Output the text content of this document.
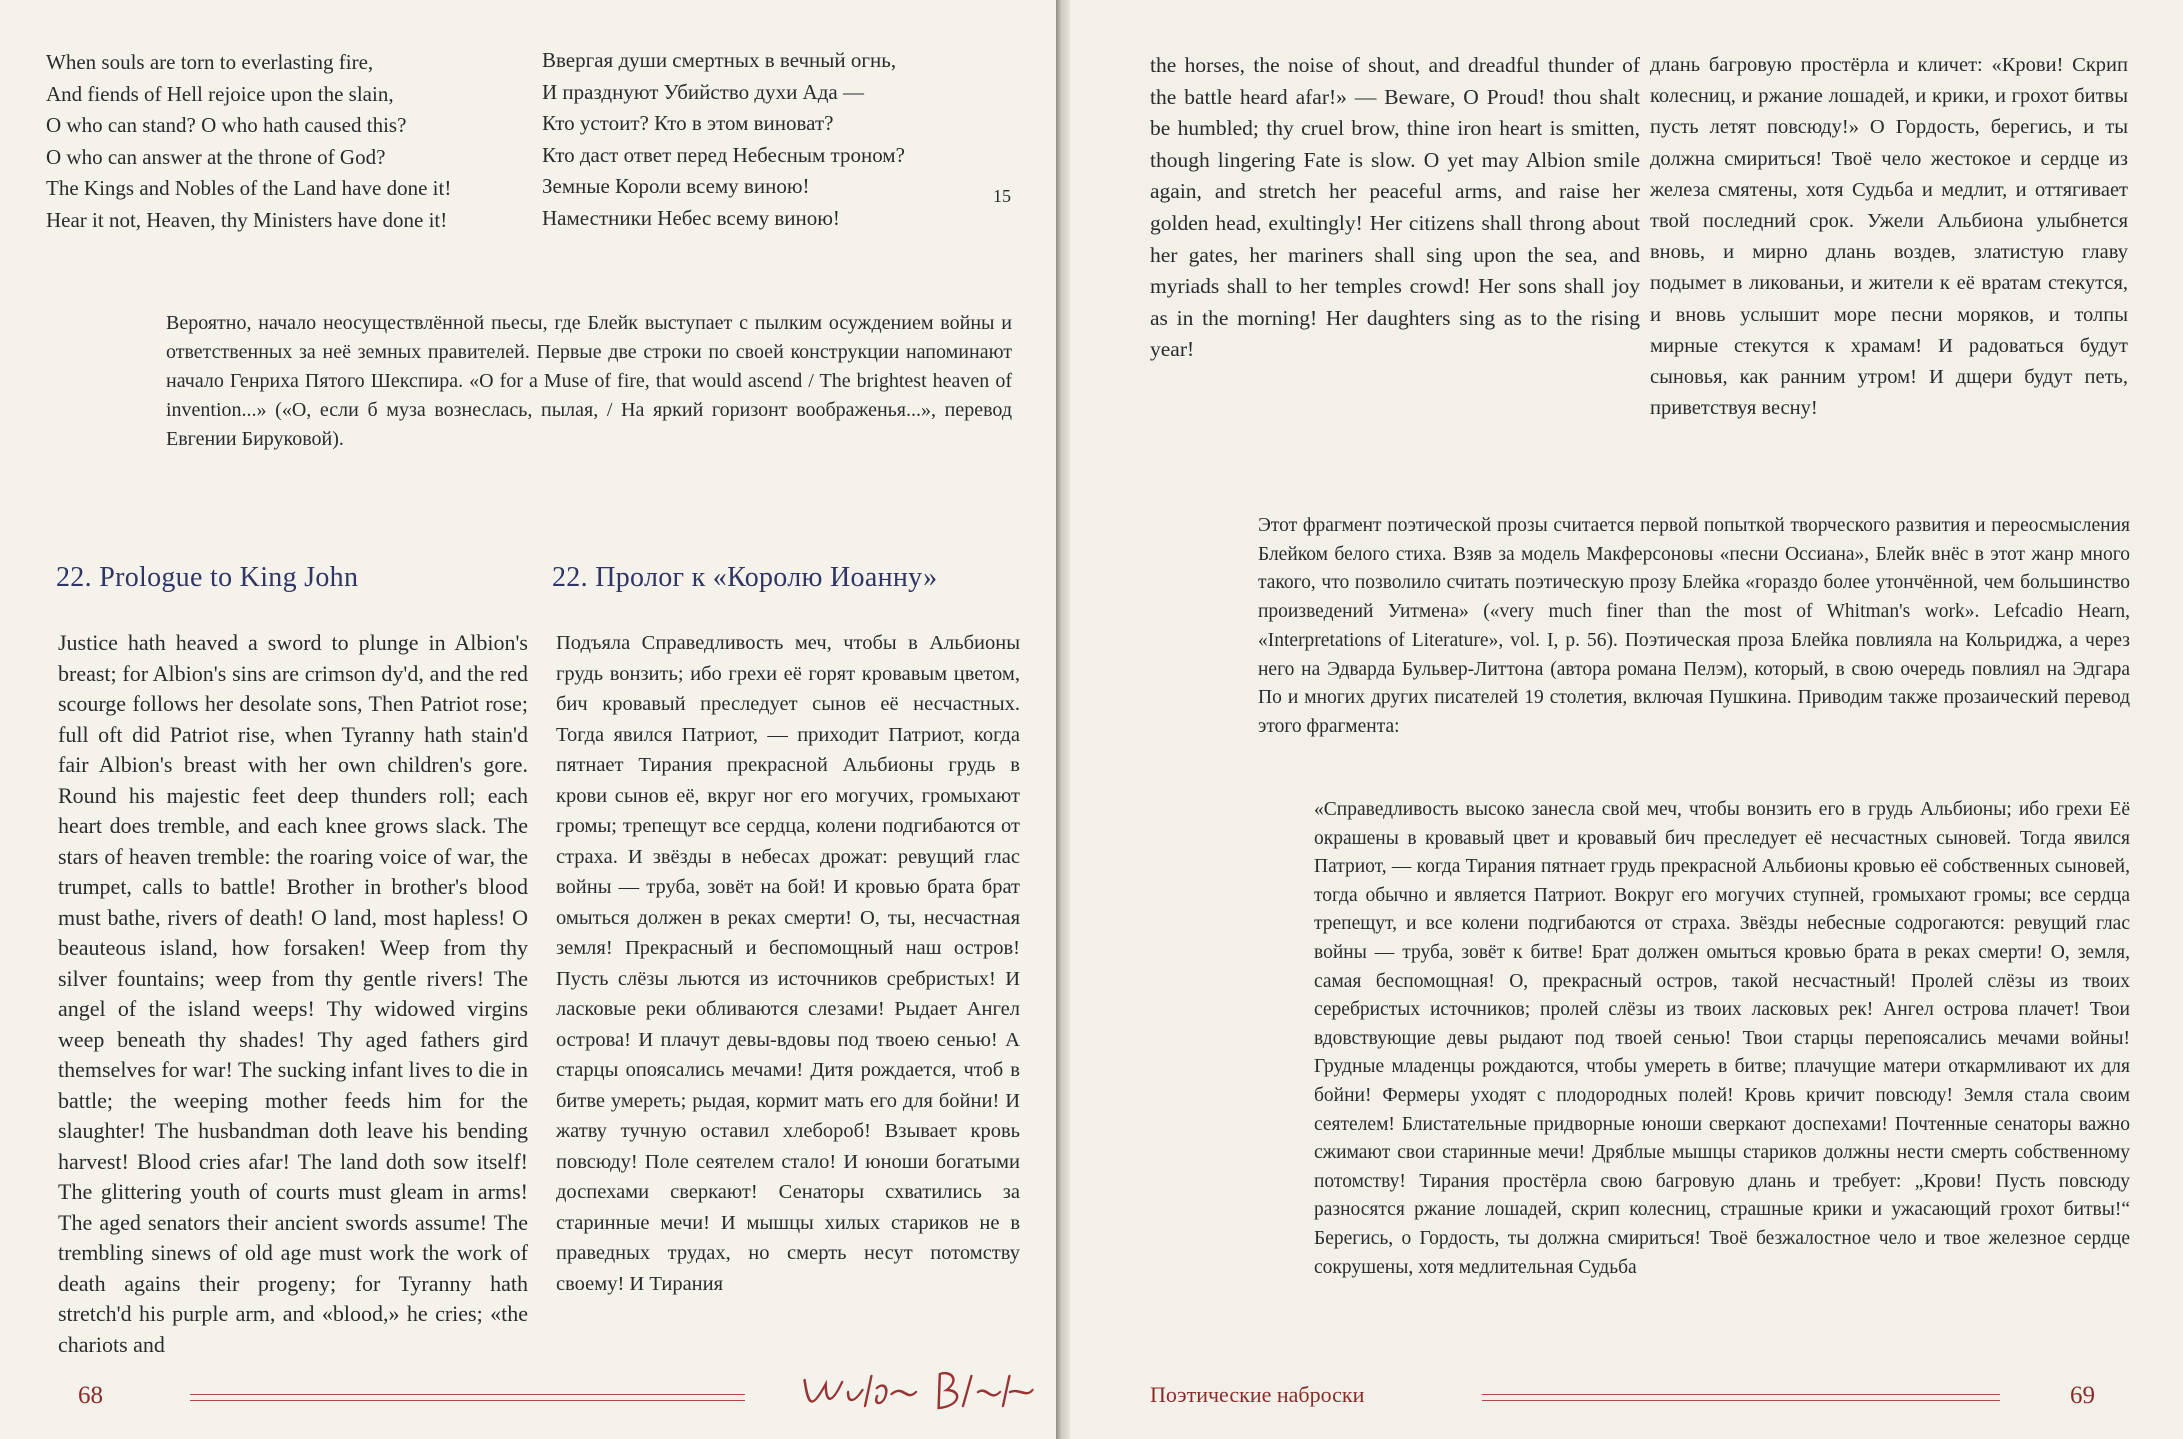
When souls are torn to everlasting fire,
And fiends of Hell rejoice upon the slain,
O who can stand? O who hath caused this?
O who can answer at the throne of God?
The Kings and Nobles of the Land have done it!
Hear it not, Heaven, thy Ministers have done it!
Ввергая души смертных в вечный огнь,
И празднуют Убийство духи Ада —
Кто устоит? Кто в этом виноват?
Кто даст ответ перед Небесным троном?
Земные Короли всему виною!
Наместники Небес всему виною!
15
Вероятно, начало неосуществлённой пьесы, где Блейк выступает с пылким осуждением войны и ответственных за неё земных правителей. Первые две строки по своей конструкции напоминают начало Генриха Пятого Шекспира. «O for a Muse of fire, that would ascend / The brightest heaven of invention...» («О, если б муза вознеслась, пылая, / На яркий горизонт воображенья...», перевод Евгении Бируковой).
22. Prologue to King John	22. Пролог к «Королю Иоанну»
Justice hath heaved a sword to plunge in Albion's breast; for Albion's sins are crimson dy'd, and the red scourge follows her desolate sons, Then Patriot rose; full oft did Patriot rise, when Tyranny hath stain'd fair Albion's breast with her own children's gore. Round his majestic feet deep thunders roll; each heart does tremble, and each knee grows slack. The stars of heaven tremble: the roaring voice of war, the trumpet, calls to battle! Brother in brother's blood must bathe, rivers of death! O land, most hapless! O beauteous island, how forsaken! Weep from thy silver fountains; weep from thy gentle rivers! The angel of the island weeps! Thy widowed virgins weep beneath thy shades! Thy aged fathers gird themselves for war! The sucking infant lives to die in battle; the weeping mother feeds him for the slaughter! The husbandman doth leave his bending harvest! Blood cries afar! The land doth sow itself! The glittering youth of courts must gleam in arms! The aged senators their ancient swords assume! The trembling sinews of old age must work the work of death agains their progeny; for Tyranny hath stretch'd his purple arm, and «blood,» he cries; «the chariots and
Подъяла Справедливость меч, чтобы в Альбионы грудь вонзить; ибо грехи её горят кровавым цветом, бич кровавый преследует сынов её несчастных. Тогда явился Патриот, — приходит Патриот, когда пятнает Тирания прекрасной Альбионы грудь в крови сынов её, вкруг ног его могучих, громыхают громы; трепещут все сердца, колени подгибаются от страха. И звёзды в небесах дрожат: ревущий глас войны — труба, зовёт на бой! И кровью брата брат омыться должен в реках смерти! О, ты, несчастная земля! Прекрасный и беспомощный наш остров! Пусть слёзы льются из источников сребристых! И ласковые реки обливаются слезами! Рыдает Ангел острова! И плачут девы-вдовы под твоею сенью! А старцы опоясались мечами! Дитя рождается, чтоб в битве умереть; рыдая, кормит мать его для бойни! И жатву тучную оставил хлебороб! Взывает кровь повсюду! Поле сеятелем стало! И юноши богатыми доспехами сверкают! Сенаторы схватились за старинные мечи! И мышцы хилых стариков не в праведных трудах, но смерть несут потомству своему! И Тирания
68
the horses, the noise of shout, and dreadful thunder of the battle heard afar!» — Beware, O Proud! thou shalt be humbled; thy cruel brow, thine iron heart is smitten, though lingering Fate is slow. O yet may Albion smile again, and stretch her peaceful arms, and raise her golden head, exultingly! Her citizens shall throng about her gates, her mariners shall sing upon the sea, and myriads shall to her temples crowd! Her sons shall joy as in the morning! Her daughters sing as to the rising year!
длань багровую простёрла и кличет: «Крови! Скрип колесниц, и ржание лошадей, и крики, и грохот битвы пусть летят повсюду!» О Гордость, берегись, и ты должна смириться! Твоё чело жестокое и сердце из железа смятены, хотя Судьба и медлит, и оттягивает твой последний срок. Ужели Альбиона улыбнется вновь, и мирно длань воздев, златистую главу подымет в ликованьи, и жители к её вратам стекутся, и вновь услышит море песни моряков, и толпы мирные стекутся к храмам! И радоваться будут сыновья, как ранним утром! И дщери будут петь, приветствуя весну!
Этот фрагмент поэтической прозы считается первой попыткой творческого развития и переосмысления Блейком белого стиха. Взяв за модель Макферсоновы «песни Оссиана», Блейк внёс в этот жанр много такого, что позволило считать поэтическую прозу Блейка «гораздо более утончённой, чем большинство произведений Уитмена» («very much finer than the most of Whitman's work». Lefcadio Hearn, «Interpretations of Literature», vol. I, p. 56). Поэтическая проза Блейка повлияла на Кольриджа, а через него на Эдварда Бульвер-Литтона (автора романа Пелэм), который, в свою очередь повлиял на Эдгара По и многих других писателей 19 столетия, включая Пушкина. Приводим также прозаический перевод этого фрагмента:
«Справедливость высоко занесла свой меч, чтобы вонзить его в грудь Альбионы; ибо грехи Её окрашены в кровавый цвет и кровавый бич преследует её несчастных сыновей. Тогда явился Патриот, — когда Тирания пятнает грудь прекрасной Альбионы кровью её собственных сыновей, тогда обычно и является Патриот. Вокруг его могучих ступней, громыхают громы; все сердца трепещут, и все колени подгибаются от страха. Звёзды небесные содрогаются: ревущий глас войны — труба, зовёт к битве! Брат должен омыться кровью брата в реках смерти! О, земля, самая беспомощная! О, прекрасный остров, такой несчастный! Пролей слёзы из твоих серебристых источников; пролей слёзы из твоих ласковых рек! Ангел острова плачет! Твои вдовствующие девы рыдают под твоей сенью! Твои старцы перепоясались мечами войны! Грудные младенцы рождаются, чтобы умереть в битве; плачущие матери откармливают их для бойни! Фермеры уходят с плодородных полей! Кровь кричит повсюду! Земля стала своим сеятелем! Блистательные придворные юноши сверкают доспехами! Почтенные сенаторы важно сжимают свои старинные мечи! Дряблые мышцы стариков должны нести смерть собственному потомству! Тирания простёрла свою багровую длань и требует: „Крови! Пусть повсюду разносятся ржание лошадей, скрип колесниц, страшные крики и ужасающий грохот битвы!“ Берегись, о Гордость, ты должна смириться! Твоё безжалостное чело и твое железное сердце сокрушены, хотя медлительная Судьба
Поэтические наброски	69
